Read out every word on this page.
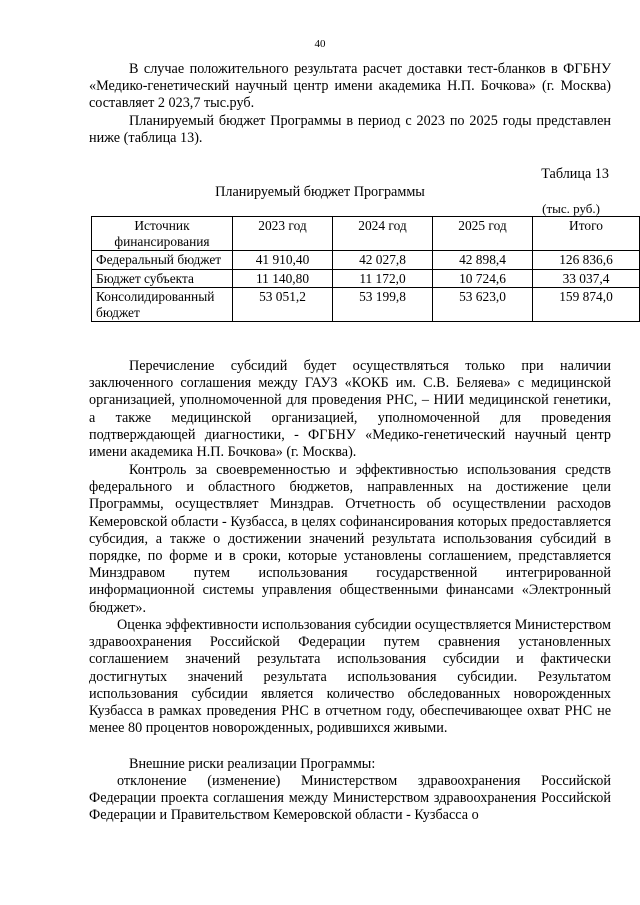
40

В случае положительного результата расчет доставки тест-бланков в ФГБНУ «Медико-генетический научный центр имени академика Н.П. Бочкова» (г. Москва) составляет 2 023,7 тыс.руб.

Планируемый бюджет Программы в период с 2023 по 2025 годы представлен ниже (таблица 13).

Таблица 13
Планируемый бюджет Программы
(тыс. руб.)
Источник финансирования	2023 год	2024 год	2025 год	Итого
Федеральный бюджет	41 910,40	42 027,8	42 898,4	126 836,6
Бюджет субъекта	11 140,80	11 172,0	10 724,6	33 037,4
Консолидированный бюджет	53 051,2	53 199,8	53 623,0	159 874,0

Перечисление субсидий будет осуществляться только при наличии заключенного соглашения между ГАУЗ «КОКБ им. С.В. Беляева» с медицинской организацией, уполномоченной для проведения РНС, – НИИ медицинской генетики, а также медицинской организацией, уполномоченной для проведения подтверждающей диагностики, - ФГБНУ «Медико-генетический научный центр имени академика Н.П. Бочкова» (г. Москва).

Контроль за своевременностью и эффективностью использования средств федерального и областного бюджетов, направленных на достижение цели Программы, осуществляет Минздрав. Отчетность об осуществлении расходов Кемеровской области - Кузбасса, в целях софинансирования которых предоставляется субсидия, а также о достижении значений результата использования субсидий в порядке, по форме и в сроки, которые установлены соглашением, представляется Минздравом путем использования государственной интегрированной информационной системы управления общественными финансами «Электронный бюджет».

Оценка эффективности использования субсидии осуществляется Министерством здравоохранения Российской Федерации путем сравнения установленных соглашением значений результата использования субсидии и фактически достигнутых значений результата использования субсидии. Результатом использования субсидии является количество обследованных новорожденных Кузбасса в рамках проведения РНС в отчетном году, обеспечивающее охват РНС не менее 80 процентов новорожденных, родившихся живыми.

Внешние риски реализации Программы:

отклонение (изменение) Министерством здравоохранения Российской Федерации проекта соглашения между Министерством здравоохранения Российской Федерации и Правительством Кемеровской области - Кузбасса о
